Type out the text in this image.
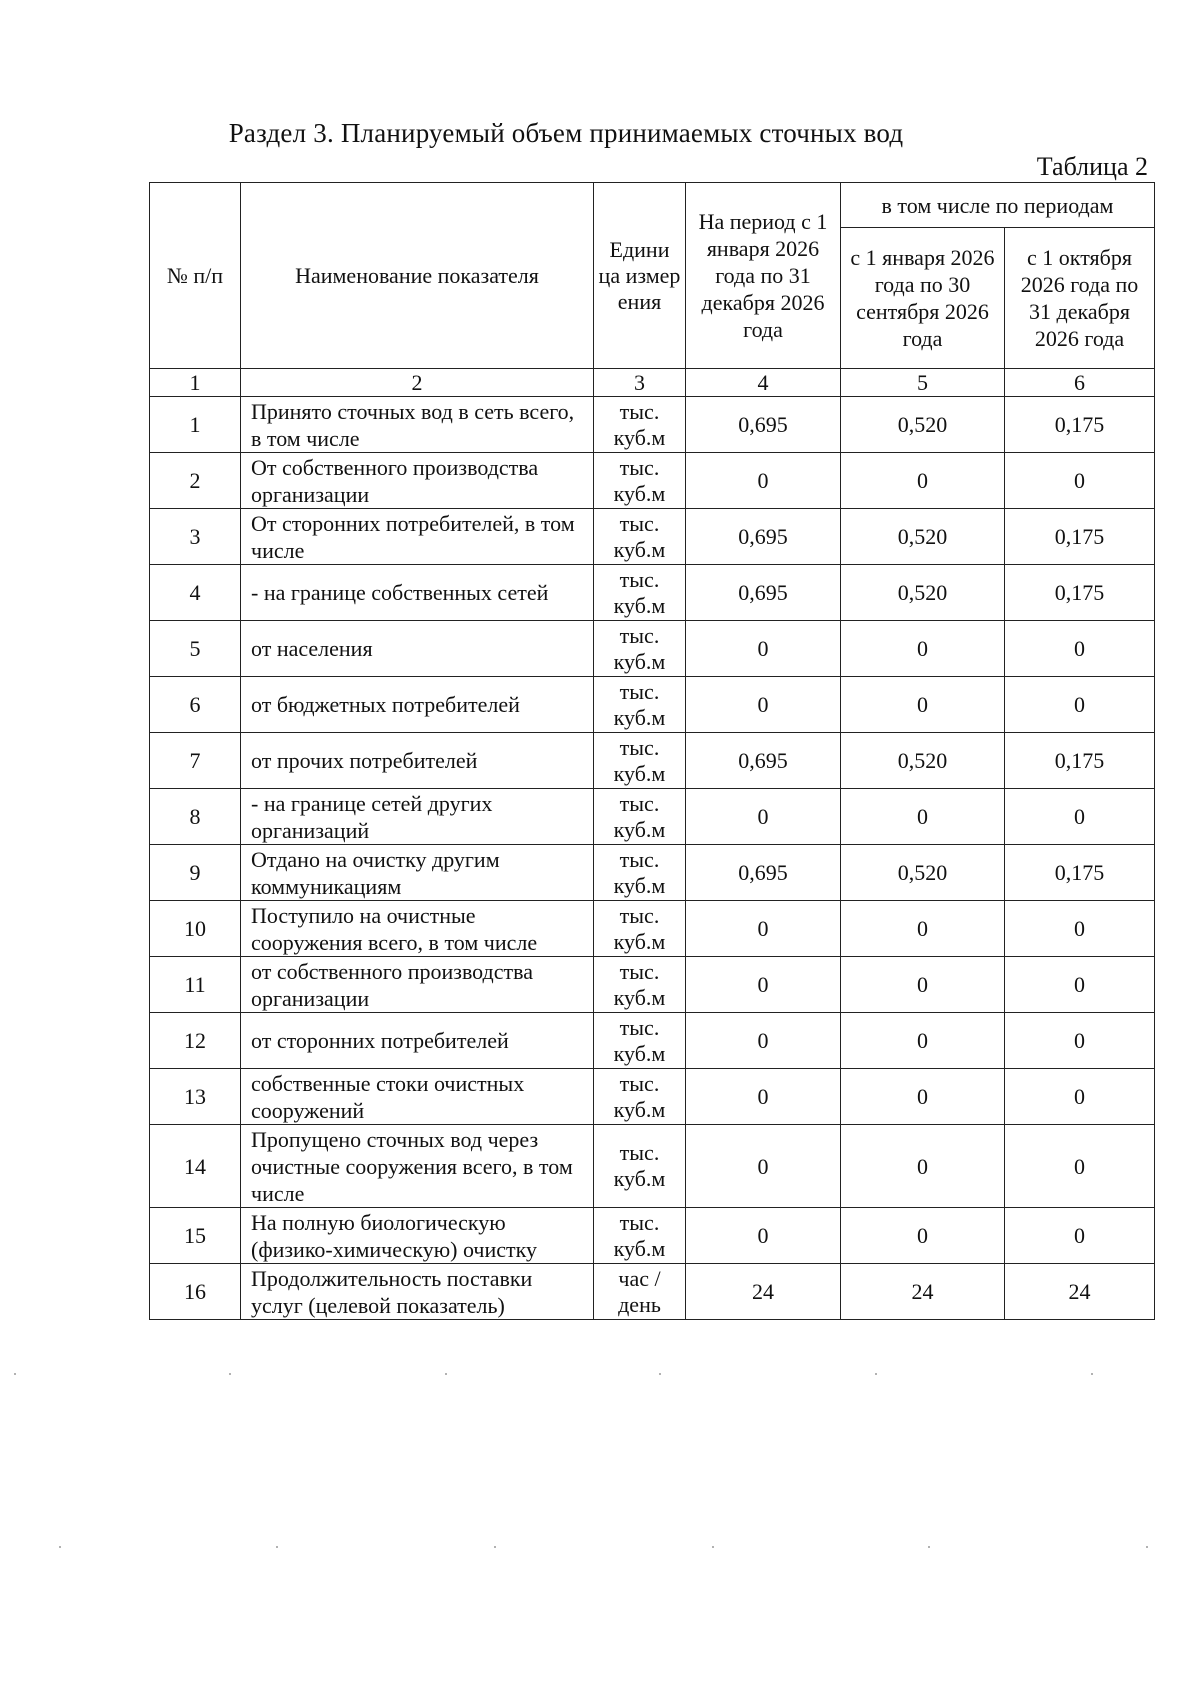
Раздел 3. Планируемый объем принимаемых сточных вод
Таблица 2
№ п/п	Наименование показателя	Едини ца измер ения	На период с 1 января 2026 года по 31 декабря 2026 года	в том числе по периодам	
				с 1 января 2026 года по 30 сентября 2026 года	с 1 октября 2026 года по 31 декабря 2026 года
1	2	3	4	5	6
1	Принято сточных вод в сеть всего, в том числе	тыс. куб.м	0,695	0,520	0,175
2	От собственного производства организации	тыс. куб.м	0	0	0
3	От сторонних потребителей, в том числе	тыс. куб.м	0,695	0,520	0,175
4	- на границе собственных сетей	тыс. куб.м	0,695	0,520	0,175
5	от населения	тыс. куб.м	0	0	0
6	от бюджетных потребителей	тыс. куб.м	0	0	0
7	от прочих потребителей	тыс. куб.м	0,695	0,520	0,175
8	- на границе сетей других организаций	тыс. куб.м	0	0	0
9	Отдано на очистку другим коммуникациям	тыс. куб.м	0,695	0,520	0,175
10	Поступило на очистные сооружения всего, в том числе	тыс. куб.м	0	0	0
11	от собственного производства организации	тыс. куб.м	0	0	0
12	от сторонних потребителей	тыс. куб.м	0	0	0
13	собственные стоки очистных сооружений	тыс. куб.м	0	0	0
14	Пропущено сточных вод через очистные сооружения всего, в том числе	тыс. куб.м	0	0	0
15	На полную биологическую (физико-химическую) очистку	тыс. куб.м	0	0	0
16	Продолжительность поставки услуг (целевой показатель)	час /день	24	24	24
